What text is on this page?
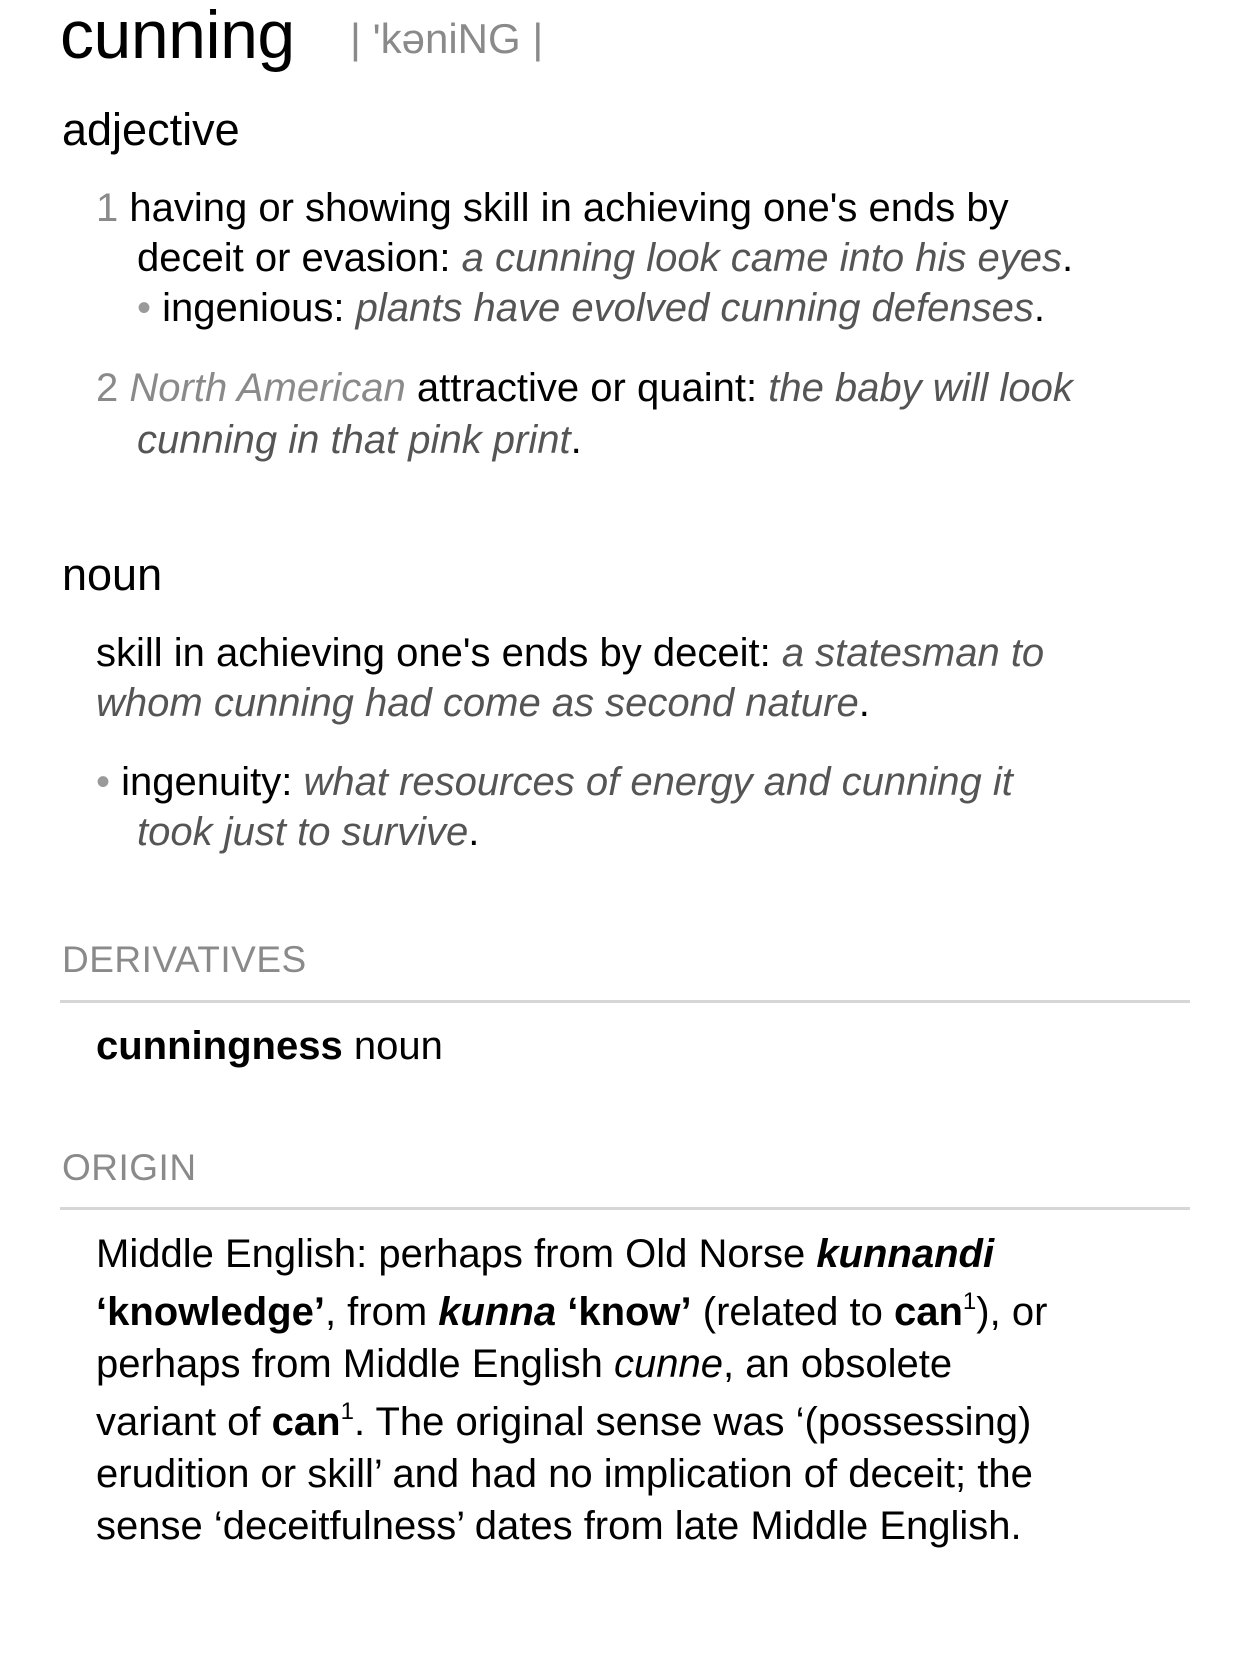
cunning | 'kəniNG |
adjective
1 having or showing skill in achieving one's ends by
deceit or evasion: a cunning look came into his eyes.
• ingenious: plants have evolved cunning defenses.
2 North American attractive or quaint: the baby will look
cunning in that pink print.
noun
skill in achieving one's ends by deceit: a statesman to
whom cunning had come as second nature.
• ingenuity: what resources of energy and cunning it
took just to survive.
DERIVATIVES
cunningness noun
ORIGIN
Middle English: perhaps from Old Norse kunnandi
‘knowledge’, from kunna ‘know’ (related to can$^1$), or
perhaps from Middle English cunne, an obsolete
variant of can$^1$. The original sense was ‘(possessing)
erudition or skill’ and had no implication of deceit; the
sense ‘deceitfulness’ dates from late Middle English.
